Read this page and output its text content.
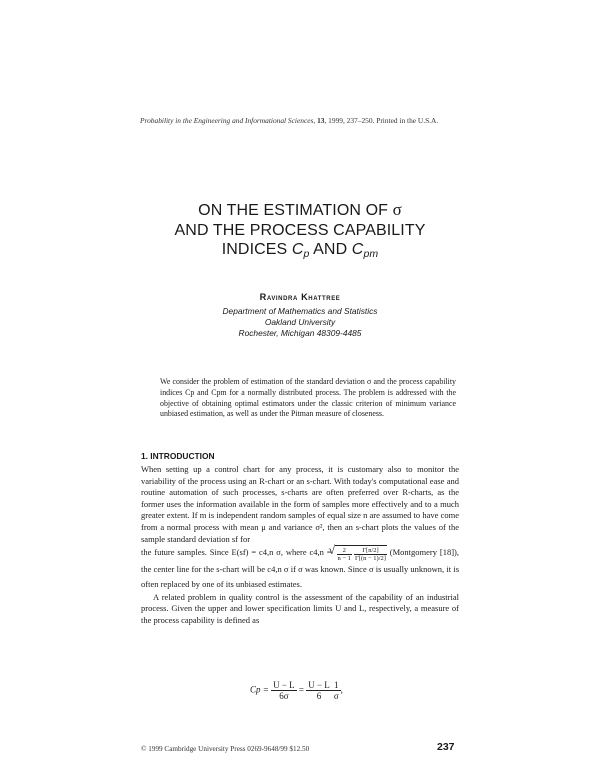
Probability in the Engineering and Informational Sciences, 13, 1999, 237–250. Printed in the U.S.A.
ON THE ESTIMATION OF σ
AND THE PROCESS CAPABILITY
INDICES $C_p$ AND $C_{pm}$
Ravindra Khattree
Department of Mathematics and Statistics
Oakland University
Rochester, Michigan 48309-4485
We consider the problem of estimation of the standard deviation σ and the process capability indices Cp and Cpm for a normally distributed process. The problem is addressed with the objective of obtaining optimal estimators under the classic criterion of minimum variance unbiased estimation, as well as under the Pitman measure of closeness.
1. INTRODUCTION

When setting up a control chart for any process, it is customary also to monitor the variability of the process using an R-chart or an s-chart. With today's computational ease and routine automation of such processes, s-charts are often preferred over R-charts, as the former uses the information available in the form of samples more effectively and to a much greater extent. If m is independent random samples of equal size n are assumed to have come from a normal process with mean μ and variance σ², then an s-chart plots the values of the sample standard deviation sf for

the future samples. Since E(sf) = c4,n σ, where c4,n =
√ $\frac{2}{n - 1}$
$\frac{\Gamma[n/2]}{\Gamma[(n - 1)/2]}$ (Montgomery [18]), the center line for the s-chart will be c4,n σ if σ was known. Since σ is usually unknown, it is often replaced by one of its unbiased estimates.

A related problem in quality control is the assessment of the capability of an industrial process. Given the upper and lower specification limits U and L, respectively, a measure of the process capability is defined as

$Cp = \frac{U - L}{6\sigma} = \frac{U - L}{6} \frac{1}{\sigma}$ ,
© 1999 Cambridge University Press 0269-9648/99 $12.50	237
